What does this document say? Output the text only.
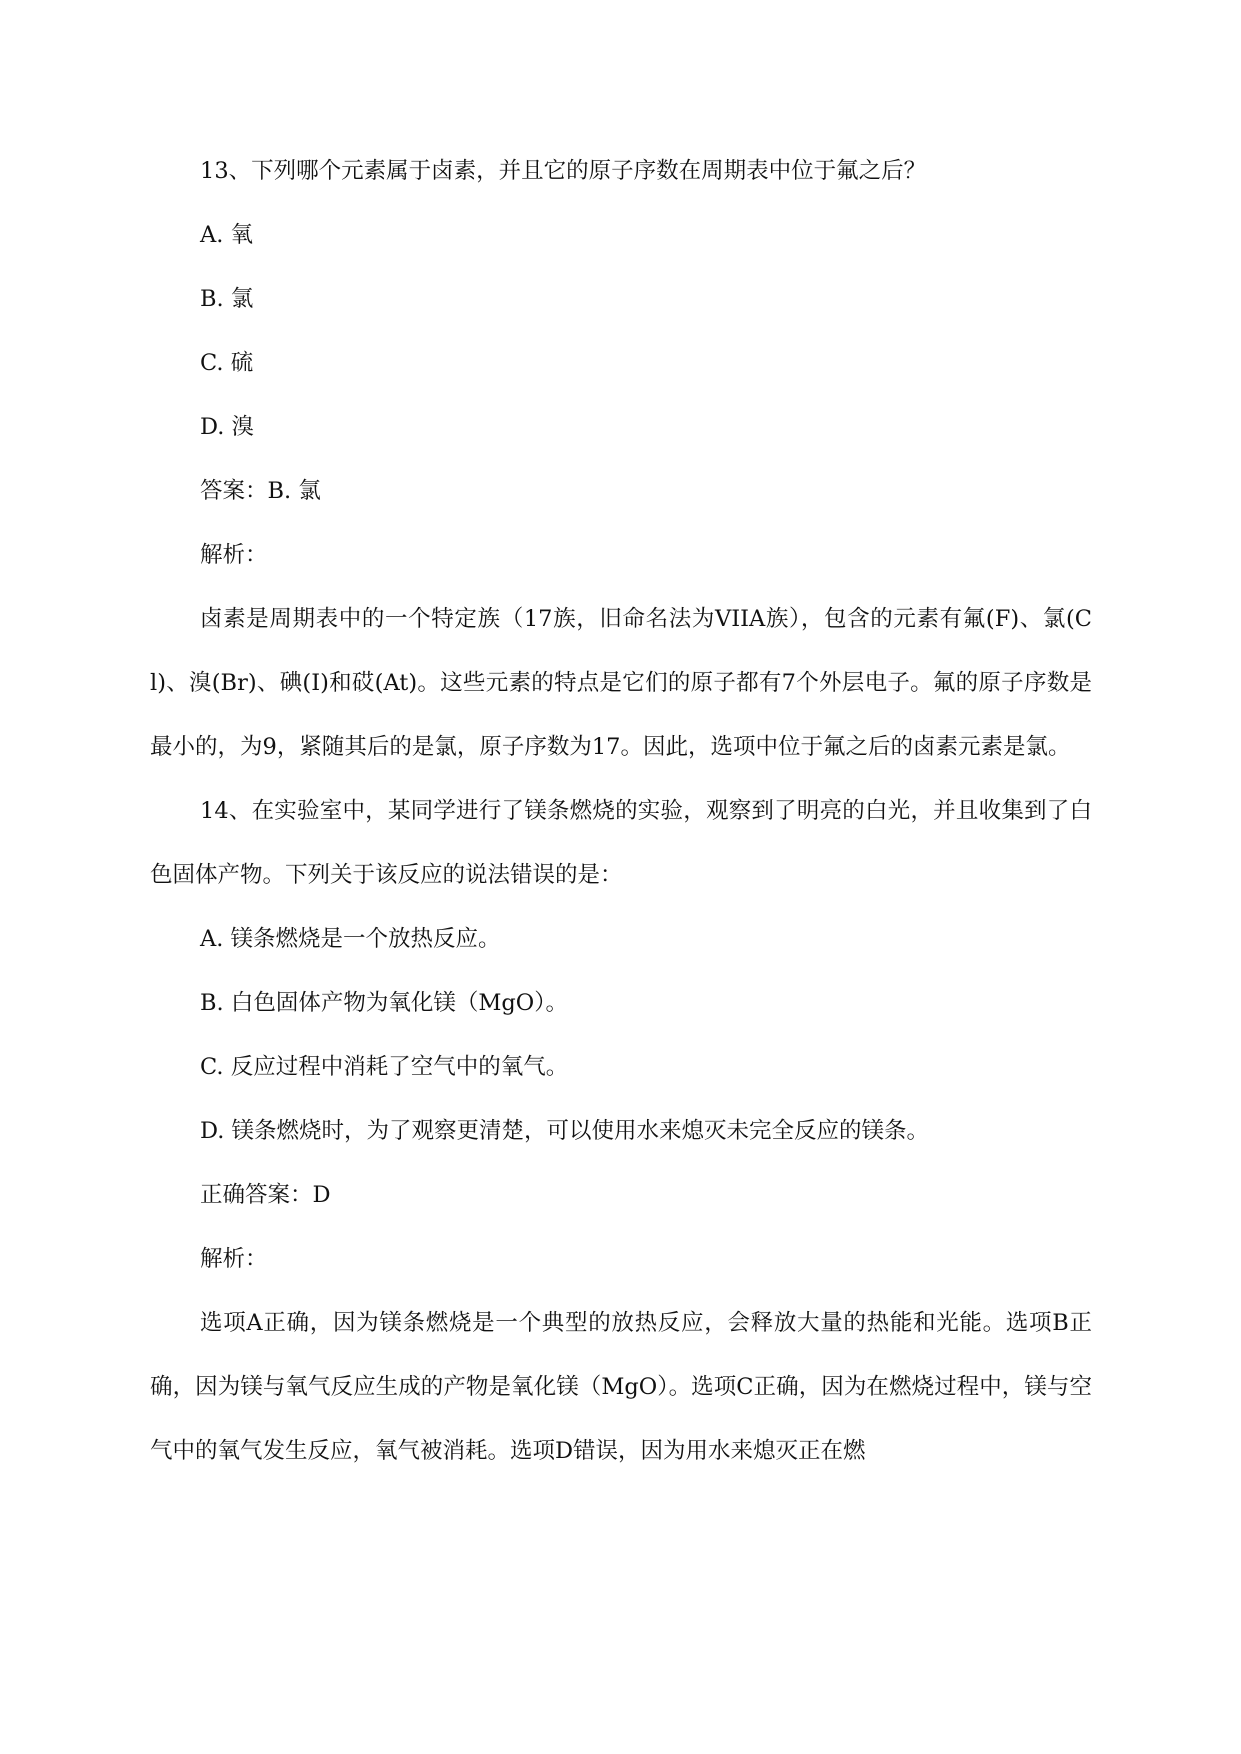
13、下列哪个元素属于卤素，并且它的原子序数在周期表中位于氟之后？
A. 氧
B. 氯
C. 硫
D. 溴
答案：B. 氯
解析：

卤素是周期表中的一个特定族（17族，旧命名法为VIIA族），包含的元素有氟(F)、氯(Cl)、溴(Br)、碘(I)和砹(At)。这些元素的特点是它们的原子都有7个外层电子。氟的原子序数是最小的，为9，紧随其后的是氯，原子序数为17。因此，选项中位于氟之后的卤素元素是氯。

14、在实验室中，某同学进行了镁条燃烧的实验，观察到了明亮的白光，并且收集到了白色固体产物。下列关于该反应的说法错误的是：

A. 镁条燃烧是一个放热反应。
B. 白色固体产物为氧化镁（MgO）。
C. 反应过程中消耗了空气中的氧气。
D. 镁条燃烧时，为了观察更清楚，可以使用水来熄灭未完全反应的镁条。
正确答案：D
解析：

选项A正确，因为镁条燃烧是一个典型的放热反应，会释放大量的热能和光能。选项B正确，因为镁与氧气反应生成的产物是氧化镁（MgO）。选项C正确，因为在燃烧过程中，镁与空气中的氧气发生反应，氧气被消耗。选项D错误，因为用水来熄灭正在燃
